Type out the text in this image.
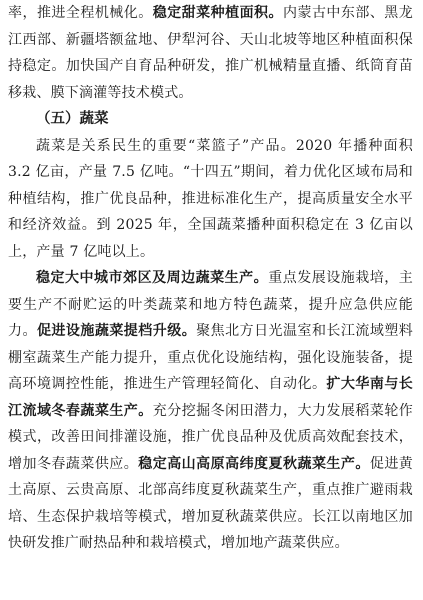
率，推进全程机械化。稳定甜菜种植面积。内蒙古中东部、黑龙江西部、新疆塔额盆地、伊犁河谷、天山北坡等地区种植面积保持稳定。加快国产自育品种研发，推广机械精量直播、纸筒育苗移栽、膜下滴灌等技术模式。

（五）蔬菜

蔬菜是关系民生的重要“菜篮子”产品。2020 年播种面积 3.2 亿亩，产量 7.5 亿吨。“十四五”期间，着力优化区域布局和种植结构，推广优良品种，推进标准化生产，提高质量安全水平和经济效益。到 2025 年，全国蔬菜播种面积稳定在 3 亿亩以上，产量 7 亿吨以上。

稳定大中城市郊区及周边蔬菜生产。重点发展设施栽培，主要生产不耐贮运的叶类蔬菜和地方特色蔬菜，提升应急供应能力。促进设施蔬菜提档升级。聚焦北方日光温室和长江流域塑料棚室蔬菜生产能力提升，重点优化设施结构，强化设施装备，提高环境调控性能，推进生产管理轻简化、自动化。扩大华南与长江流域冬春蔬菜生产。充分挖掘冬闲田潜力，大力发展稻菜轮作模式，改善田间排灌设施，推广优良品种及优质高效配套技术，增加冬春蔬菜供应。稳定高山高原高纬度夏秋蔬菜生产。促进黄土高原、云贵高原、北部高纬度夏秋蔬菜生产，重点推广避雨栽培、生态保护栽培等模式，增加夏秋蔬菜供应。长江以南地区加快研发推广耐热品种和栽培模式，增加地产蔬菜供应。
